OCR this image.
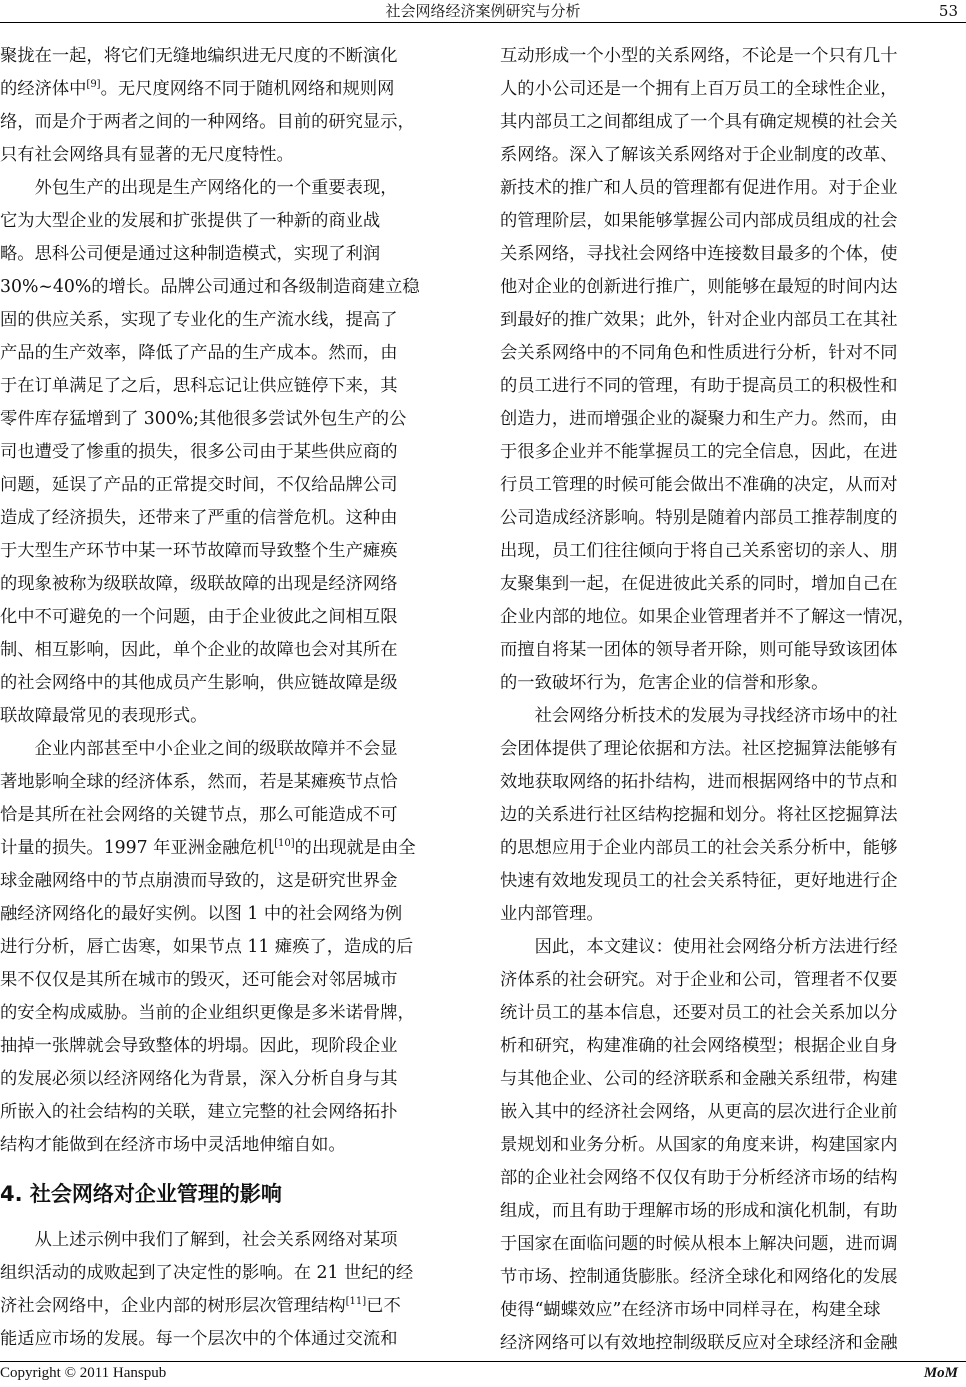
社会网络经济案例研究与分析	53

聚拢在一起，将它们无缝地编织进无尺度的不断演化
的经济体中[9]。无尺度网络不同于随机网络和规则网
络，而是介于两者之间的一种网络。目前的研究显示，
只有社会网络具有显著的无尺度特性。

外包生产的出现是生产网络化的一个重要表现，
它为大型企业的发展和扩张提供了一种新的商业战
略。思科公司便是通过这种制造模式，实现了利润
30%~40%的增长。品牌公司通过和各级制造商建立稳
固的供应关系，实现了专业化的生产流水线，提高了
产品的生产效率，降低了产品的生产成本。然而，由
于在订单满足了之后，思科忘记让供应链停下来，其
零件库存猛增到了 300%;其他很多尝试外包生产的公
司也遭受了惨重的损失，很多公司由于某些供应商的
问题，延误了产品的正常提交时间，不仅给品牌公司
造成了经济损失，还带来了严重的信誉危机。这种由
于大型生产环节中某一环节故障而导致整个生产瘫痪
的现象被称为级联故障，级联故障的出现是经济网络
化中不可避免的一个问题，由于企业彼此之间相互限
制、相互影响，因此，单个企业的故障也会对其所在
的社会网络中的其他成员产生影响，供应链故障是级
联故障最常见的表现形式。

企业内部甚至中小企业之间的级联故障并不会显
著地影响全球的经济体系，然而，若是某瘫痪节点恰
恰是其所在社会网络的关键节点，那么可能造成不可
计量的损失。1997 年亚洲金融危机[10]的出现就是由全
球金融网络中的节点崩溃而导致的，这是研究世界金
融经济网络化的最好实例。以图 1 中的社会网络为例
进行分析，唇亡齿寒，如果节点 11 瘫痪了，造成的后
果不仅仅是其所在城市的毁灭，还可能会对邻居城市
的安全构成威胁。当前的企业组织更像是多米诺骨牌，
抽掉一张牌就会导致整体的坍塌。因此，现阶段企业
的发展必须以经济网络化为背景，深入分析自身与其
所嵌入的社会结构的关联，建立完整的社会网络拓扑
结构才能做到在经济市场中灵活地伸缩自如。

4. 社会网络对企业管理的影响

从上述示例中我们了解到，社会关系网络对某项
组织活动的成败起到了决定性的影响。在 21 世纪的经
济社会网络中，企业内部的树形层次管理结构[11]已不
能适应市场的发展。每一个层次中的个体通过交流和

互动形成一个小型的关系网络，不论是一个只有几十
人的小公司还是一个拥有上百万员工的全球性企业，
其内部员工之间都组成了一个具有确定规模的社会关
系网络。深入了解该关系网络对于企业制度的改革、
新技术的推广和人员的管理都有促进作用。对于企业
的管理阶层，如果能够掌握公司内部成员组成的社会
关系网络，寻找社会网络中连接数目最多的个体，使
他对企业的创新进行推广，则能够在最短的时间内达
到最好的推广效果；此外，针对企业内部员工在其社
会关系网络中的不同角色和性质进行分析，针对不同
的员工进行不同的管理，有助于提高员工的积极性和
创造力，进而增强企业的凝聚力和生产力。然而，由
于很多企业并不能掌握员工的完全信息，因此，在进
行员工管理的时候可能会做出不准确的决定，从而对
公司造成经济影响。特别是随着内部员工推荐制度的
出现，员工们往往倾向于将自己关系密切的亲人、朋
友聚集到一起，在促进彼此关系的同时，增加自己在
企业内部的地位。如果企业管理者并不了解这一情况，
而擅自将某一团体的领导者开除，则可能导致该团体
的一致破坏行为，危害企业的信誉和形象。

社会网络分析技术的发展为寻找经济市场中的社
会团体提供了理论依据和方法。社区挖掘算法能够有
效地获取网络的拓扑结构，进而根据网络中的节点和
边的关系进行社区结构挖掘和划分。将社区挖掘算法
的思想应用于企业内部员工的社会关系分析中，能够
快速有效地发现员工的社会关系特征，更好地进行企
业内部管理。

因此，本文建议：使用社会网络分析方法进行经
济体系的社会研究。对于企业和公司，管理者不仅要
统计员工的基本信息，还要对员工的社会关系加以分
析和研究，构建准确的社会网络模型；根据企业自身
与其他企业、公司的经济联系和金融关系纽带，构建
嵌入其中的经济社会网络，从更高的层次进行企业前
景规划和业务分析。从国家的角度来讲，构建国家内
部的企业社会网络不仅仅有助于分析经济市场的结构
组成，而且有助于理解市场的形成和演化机制，有助
于国家在面临问题的时候从根本上解决问题，进而调
节市场、控制通货膨胀。经济全球化和网络化的发展
使得“蝴蝶效应”在经济市场中同样寻在，构建全球
经济网络可以有效地控制级联反应对全球经济和金融

Copyright © 2011 Hanspub	MoM
